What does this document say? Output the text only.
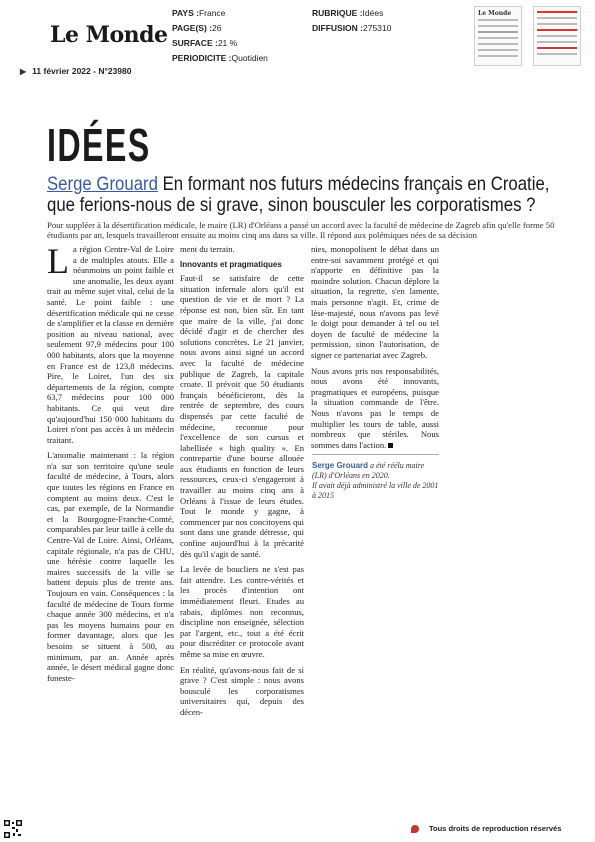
Le Monde
PAYS :France
PAGE(S) :26
SURFACE :21 %
PERIODICITE :Quotidien
RUBRIQUE :Idées
DIFFUSION :275310
Le Monde
▶ 11 février 2022 - N°23980
IDÉES
Serge Grouard En formant nos futurs médecins français en Croatie, que ferions-nous de si grave, sinon bousculer les corporatismes ?
Pour suppléer à la désertification médicale, le maire (LR) d'Orléans a passé un accord avec la faculté de médecine de Zagreb afin qu'elle forme 50 étudiants par an, lesquels travailleront ensuite au moins cinq ans dans sa ville. Il répond aux polémiques nées de sa décision

La région Centre-Val de Loire a de multiples atouts. Elle a néanmoins un point faible et une anomalie, les deux ayant trait au même sujet vital, celui de la santé. Le point faible : une désertification médicale qui ne cesse de s'amplifier et la classe en dernière position au niveau national, avec seulement 97,9 médecins pour 100 000 habitants, alors que la moyenne en France est de 123,8 médecins. Pire, le Loiret, l'un des six départements de la région, compte 63,7 médecins pour 100 000 habitants. Ce qui veut dire qu'aujourd'hui 150 000 habitants du Loiret n'ont pas accès à un médecin traitant.

L'anomalie maintenant : la région n'a sur son territoire qu'une seule faculté de médecine, à Tours, alors que toutes les régions en France en comptent au moins deux. C'est le cas, par exemple, de la Normandie et la Bourgogne-Franche-Comté, comparables par leur taille à celle du Centre-Val de Loire. Ainsi, Orléans, capitale régionale, n'a pas de CHU, une hérésie contre laquelle les maires successifs de la ville se battent depuis plus de trente ans. Toujours en vain. Conséquences : la faculté de médecine de Tours forme chaque année 300 médecins, et n'a pas les moyens humains pour en former davantage, alors que les besoins se situent à 500, au minimum, par an. Année après année, le désert médical gagne donc funeste-

ment du terrain.

Innovants et pragmatiques

Faut-il se satisfaire de cette situation infernale alors qu'il est question de vie et de mort ? La réponse est non, bien sûr. En tant que maire de la ville, j'ai donc décidé d'agir et de chercher des solutions concrètes. Le 21 janvier, nous avons ainsi signé un accord avec la faculté de médecine publique de Zagreb, la capitale croate. Il prévoit que 50 étudiants français bénéficieront, dès la rentrée de septembre, des cours dispensés par cette faculté de médecine, reconnue pour l'excellence de son cursus et labellisée « high quality ». En contrepartie d'une bourse allouée aux étudiants en fonction de leurs ressources, ceux-ci s'engageront à travailler au moins cinq ans à Orléans à l'issue de leurs études. Tout le monde y gagne, à commencer par nos concitoyens qui sont dans une grande détresse, qui confine aujourd'hui à la précarité dès qu'il s'agit de santé.

La levée de boucliers ne s'est pas fait attendre. Les contre-vérités et les procès d'intention ont immédiatement fleuri. Etudes au rabais, diplômes non reconnus, discipline non enseignée, sélection par l'argent, etc., tout a été écrit pour discréditer ce protocole avant même sa mise en œuvre.

En réalité, qu'avons-nous fait de si grave ? C'est simple : nous avons bousculé les corporatismes universitaires qui, depuis des décen-

nies, monopolisent le débat dans un entre-soi savamment protégé et qui n'apporte en définitive pas la moindre solution. Chacun déplore la situation, la regrette, s'en lamente, mais personne n'agit. Et, crime de lèse-majesté, nous n'avons pas levé le doigt pour demander à tel ou tel doyen de faculté de médecine la permission, sinon l'autorisation, de signer ce partenariat avec Zagreb.

Nous avons pris nos responsabilités, nous avons été innovants, pragmatiques et européens, puisque la situation commande de l'être. Nous n'avons pas le temps de multiplier les tours de table, aussi nombreux que stériles. Nous sommes dans l'action.

Serge Grouard a été réélu maire (LR) d'Orléans en 2020.
Il avait déjà administré la ville de 2001 à 2015
Tous droits de reproduction réservés
